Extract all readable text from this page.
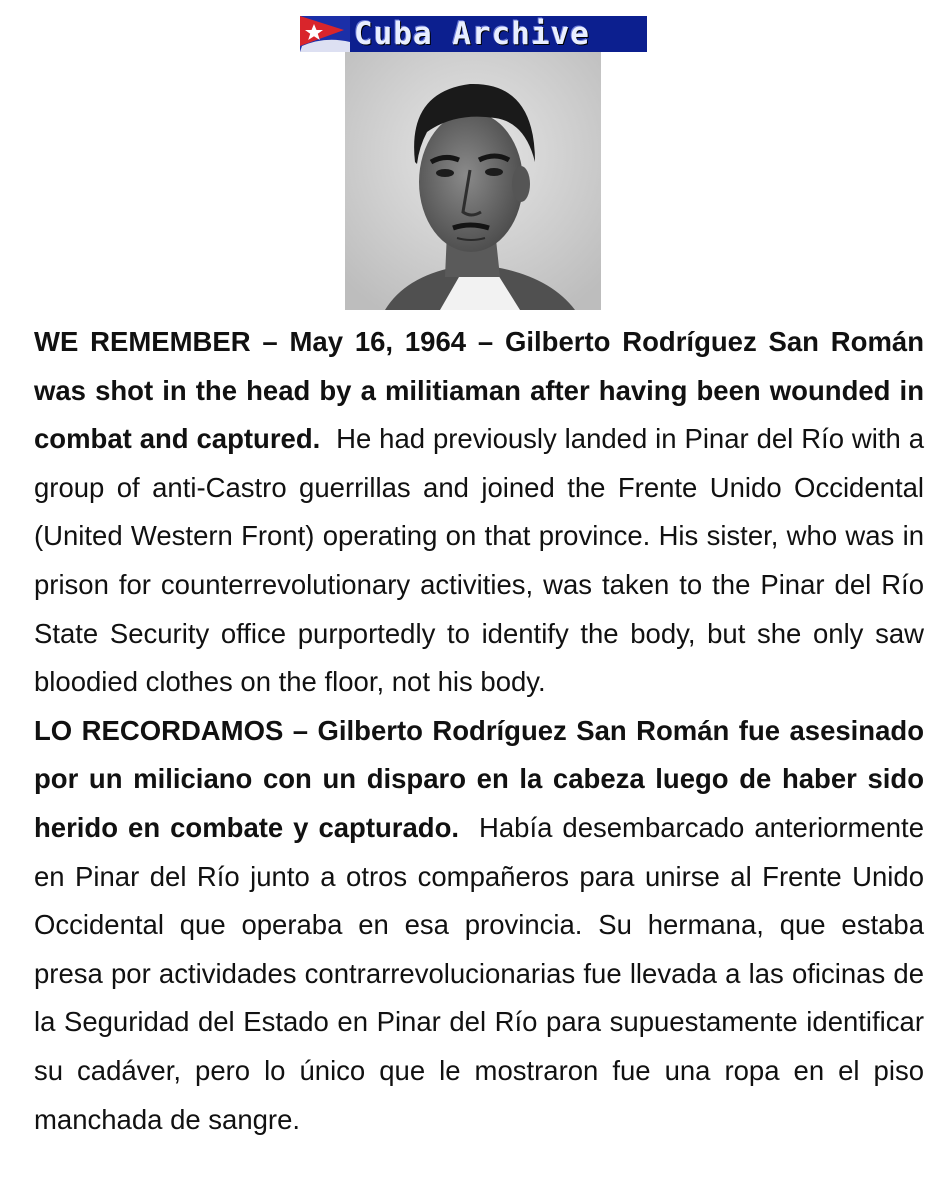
Cuba Archive

WE REMEMBER – May 16, 1964 – Gilberto Rodríguez San Román was shot in the head by a militiaman after having been wounded in combat and captured. He had previously landed in Pinar del Río with a group of anti-Castro guerrillas and joined the Frente Unido Occidental (United Western Front) operating on that province. His sister, who was in prison for counterrevolutionary activities, was taken to the Pinar del Río State Security office purportedly to identify the body, but she only saw bloodied clothes on the floor, not his body.

LO RECORDAMOS – Gilberto Rodríguez San Román fue asesinado por un miliciano con un disparo en la cabeza luego de haber sido herido en combate y capturado. Había desembarcado anteriormente en Pinar del Río junto a otros compañeros para unirse al Frente Unido Occidental que operaba en esa provincia. Su hermana, que estaba presa por actividades contrarrevolucionarias fue llevada a las oficinas de la Seguridad del Estado en Pinar del Río para supuestamente identificar su cadáver, pero lo único que le mostraron fue una ropa en el piso manchada de sangre.
